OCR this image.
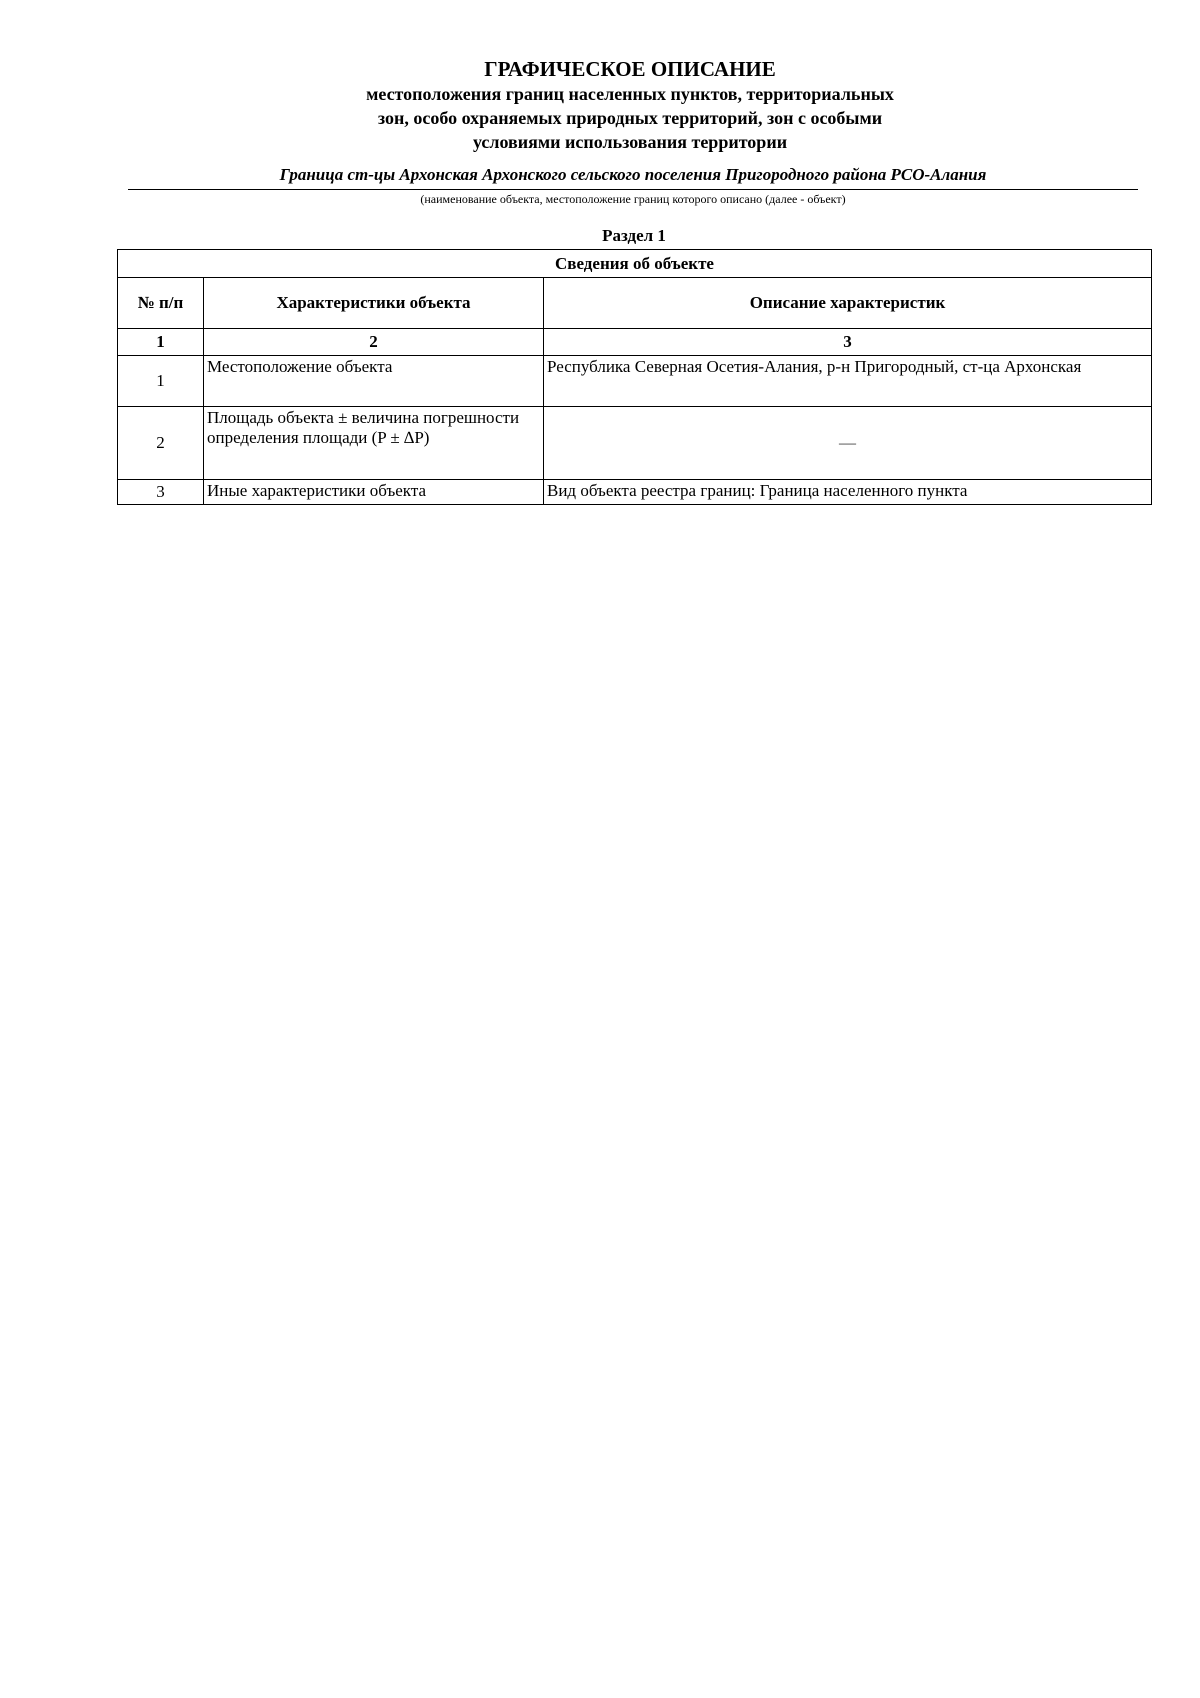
ГРАФИЧЕСКОЕ ОПИСАНИЕ

местоположения границ населенных пунктов, территориальных

зон, особо охраняемых природных территорий, зон с особыми

условиями использования территории

Граница ст-цы Архонская Архонского сельского поселения Пригородного района РСО-Алания
(наименование объекта, местоположение границ которого описано (далее - объект)
Раздел 1
Сведения об объекте		
№ п/п	Характеристики объекта	Описание характеристик
1	2	3
1	Местоположение объекта	Республика Северная Осетия-Алания, р-н Пригородный, ст-ца Архонская
2	Площадь объекта ± величина погрешности определения площади (P ± ∆P)	—
3	Иные характеристики объекта	Вид объекта реестра границ: Граница населенного пункта
